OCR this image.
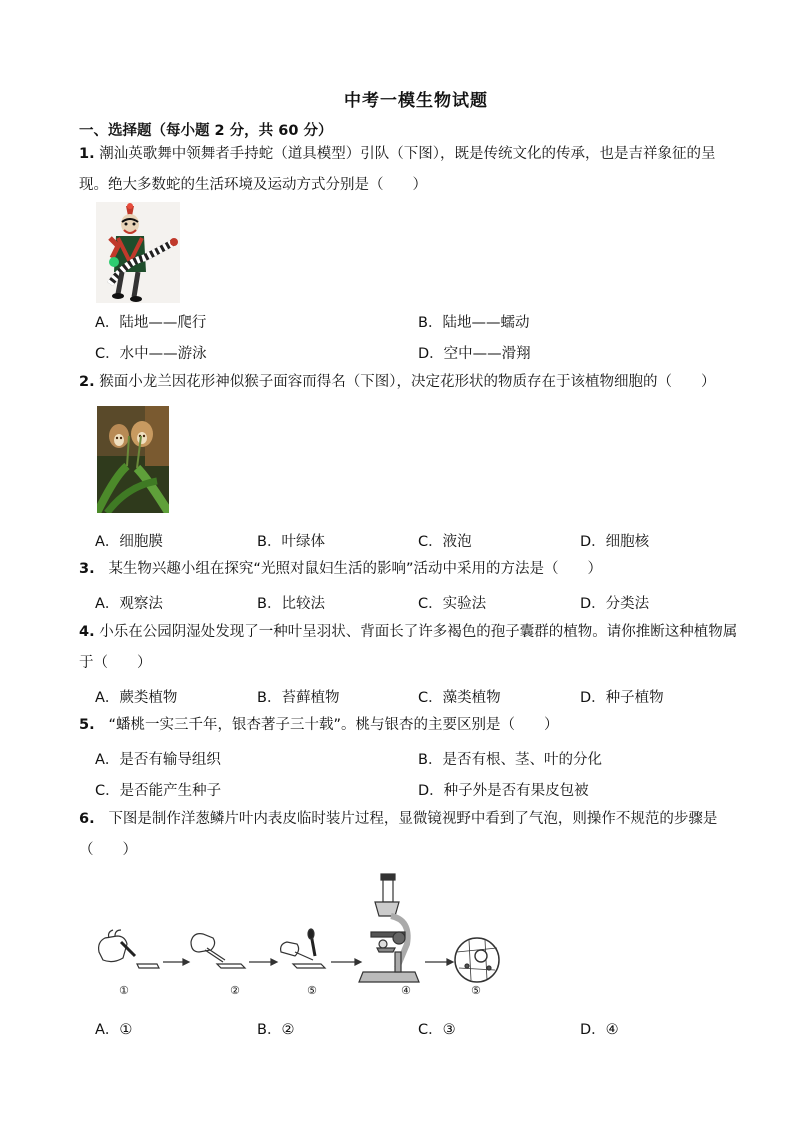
中考一模生物试题
一、选择题（每小题 2 分，共 60 分）
1. 潮汕英歌舞中领舞者手持蛇（道具模型）引队（下图），既是传统文化的传承，也是吉祥象征的呈
现。绝大多数蛇的生活环境及运动方式分别是（　　）
A．陆地——爬行	B．陆地——蠕动
C．水中——游泳	D．空中——滑翔
2. 猴面小龙兰因花形神似猴子面容而得名（下图），决定花形状的物质存在于该植物细胞的（　　）
A．细胞膜	B．叶绿体	C．液泡	D．细胞核
3. 某生物兴趣小组在探究“光照对鼠妇生活的影响”活动中采用的方法是（　　）
A．观察法	B．比较法	C．实验法	D．分类法
4. 小乐在公园阴湿处发现了一种叶呈羽状、背面长了许多褐色的孢子囊群的植物。请你推断这种植物属
于（　　）
A．蕨类植物	B．苔藓植物	C．藻类植物	D．种子植物
5. “蟠桃一实三千年，银杏著子三十载”。桃与银杏的主要区别是（　　）
A．是否有输导组织	B．是否有根、茎、叶的分化
C．是否能产生种子	D．种子外是否有果皮包被
6. 下图是制作洋葱鳞片叶内表皮临时装片过程，显微镜视野中看到了气泡，则操作不规范的步骤是
（　　）
①	②	⑤	④	⑤
A．①	B．②	C．③	D．④
